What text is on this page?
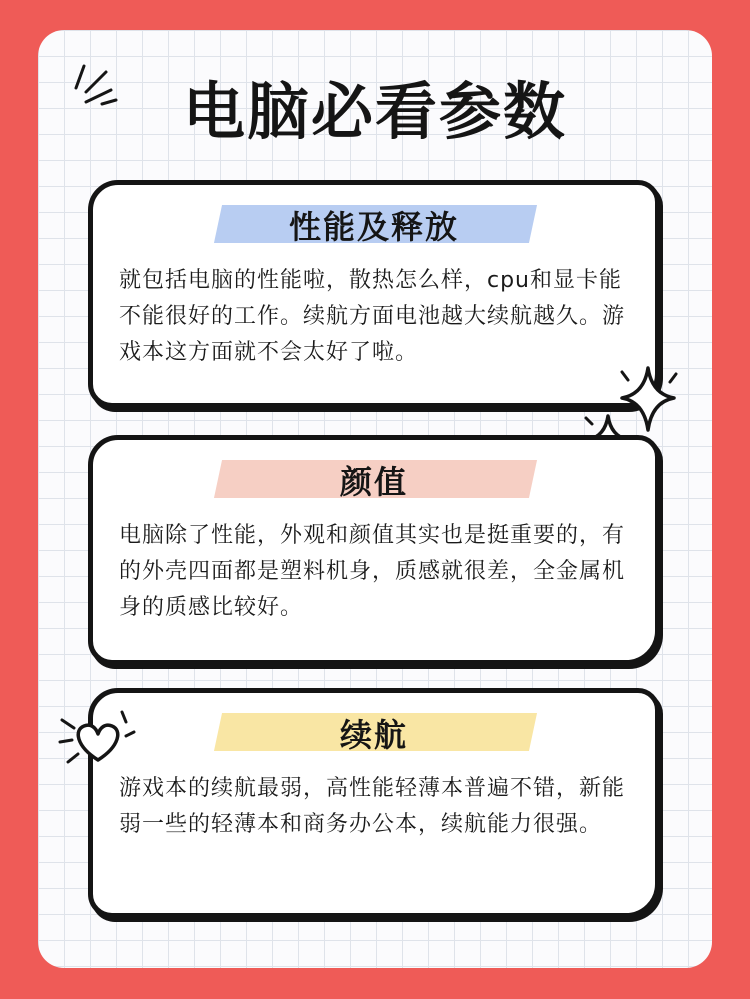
电脑必看参数
性能及释放

就包括电脑的性能啦，散热怎么样，cpu和显卡能不能很好的工作。续航方面电池越大续航越久。游戏本这方面就不会太好了啦。

颜值

电脑除了性能，外观和颜值其实也是挺重要的，有的外壳四面都是塑料机身，质感就很差，全金属机身的质感比较好。

续航

游戏本的续航最弱，高性能轻薄本普遍不错，新能弱一些的轻薄本和商务办公本，续航能力很强。
